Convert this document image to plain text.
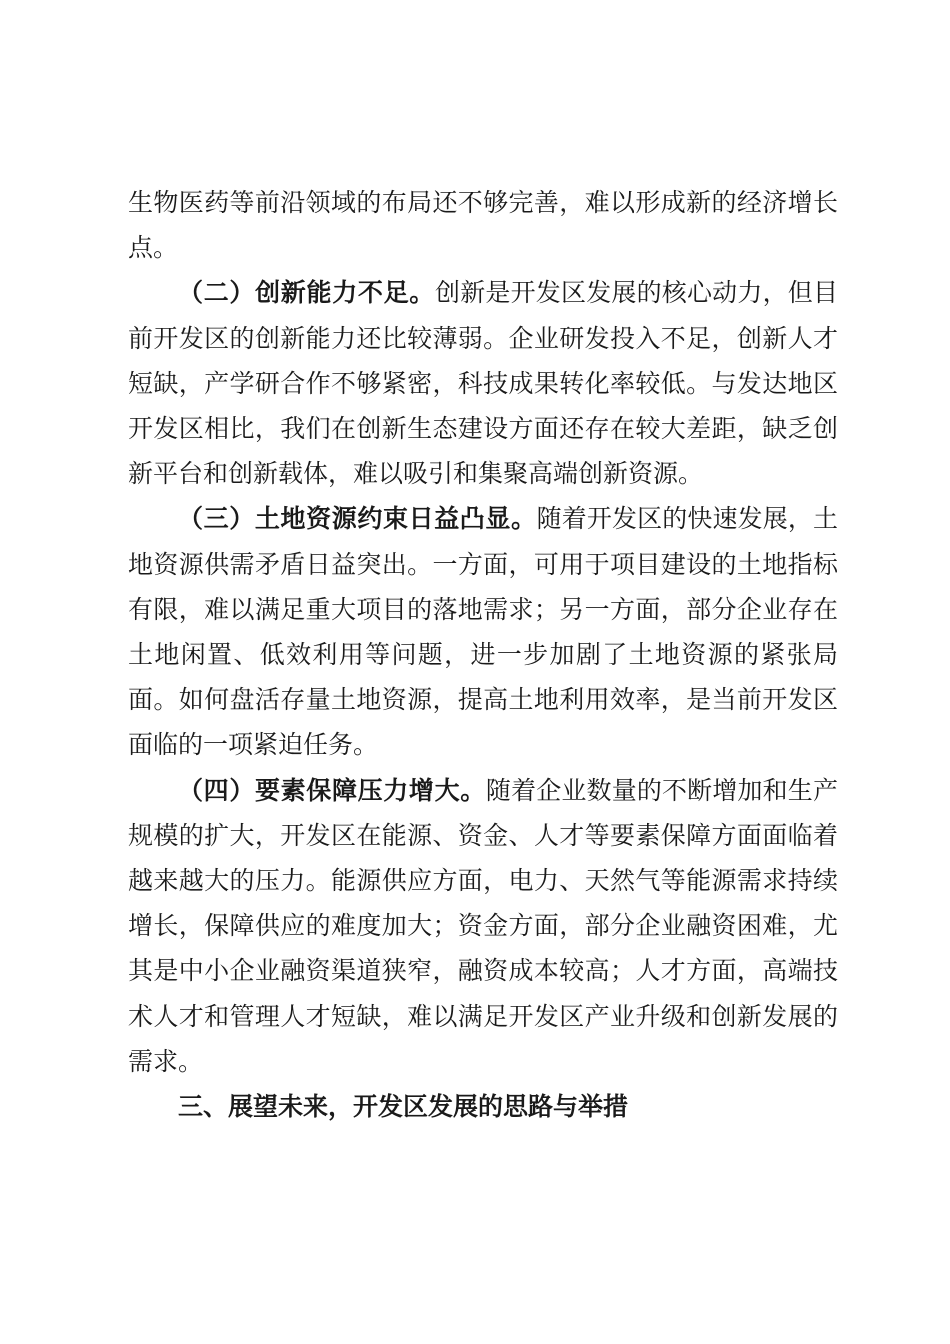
生物医药等前沿领域的布局还不够完善，难以形成新的经济增长点。

（二）创新能力不足。创新是开发区发展的核心动力，但目前开发区的创新能力还比较薄弱。企业研发投入不足，创新人才短缺，产学研合作不够紧密，科技成果转化率较低。与发达地区开发区相比，我们在创新生态建设方面还存在较大差距，缺乏创新平台和创新载体，难以吸引和集聚高端创新资源。

（三）土地资源约束日益凸显。随着开发区的快速发展，土地资源供需矛盾日益突出。一方面，可用于项目建设的土地指标有限，难以满足重大项目的落地需求；另一方面，部分企业存在土地闲置、低效利用等问题，进一步加剧了土地资源的紧张局面。如何盘活存量土地资源，提高土地利用效率，是当前开发区面临的一项紧迫任务。

（四）要素保障压力增大。随着企业数量的不断增加和生产规模的扩大，开发区在能源、资金、人才等要素保障方面面临着越来越大的压力。能源供应方面，电力、天然气等能源需求持续增长，保障供应的难度加大；资金方面，部分企业融资困难，尤其是中小企业融资渠道狭窄，融资成本较高；人才方面，高端技术人才和管理人才短缺，难以满足开发区产业升级和创新发展的需求。

三、展望未来，开发区发展的思路与举措
